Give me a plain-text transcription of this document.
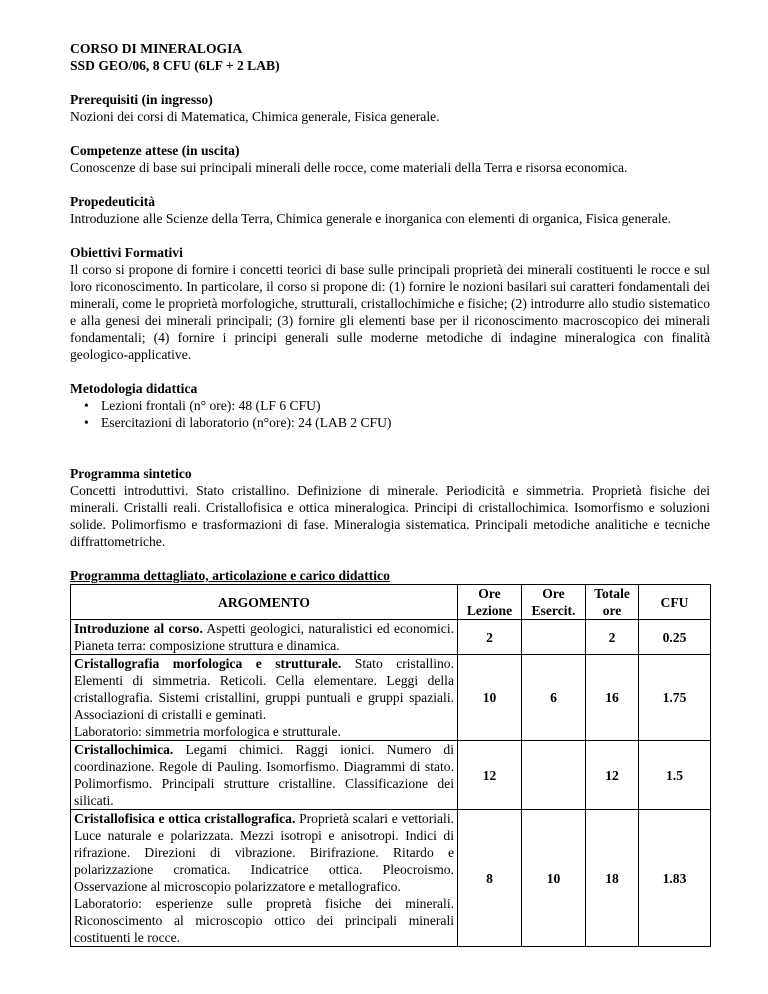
CORSO DI MINERALOGIA
SSD GEO/06, 8 CFU (6LF + 2 LAB)
Prerequisiti (in ingresso)
Nozioni dei corsi di Matematica, Chimica generale, Fisica generale.
Competenze attese (in uscita)
Conoscenze di base sui principali minerali delle rocce, come materiali della Terra e risorsa economica.
Propedeuticità
Introduzione alle Scienze della Terra, Chimica generale e inorganica con elementi di organica, Fisica generale.
Obiettivi Formativi
Il corso si propone di fornire i concetti teorici di base sulle principali proprietà dei minerali costituenti le rocce e sul loro riconoscimento. In particolare, il corso si propone di: (1) fornire le nozioni basilari sui caratteri fondamentali dei minerali, come le proprietà morfologiche, strutturali, cristallochimiche e fisiche; (2) introdurre allo studio sistematico e alla genesi dei minerali principali; (3) fornire gli elementi base per il riconoscimento macroscopico dei minerali fondamentali; (4) fornire i principi generali sulle moderne metodiche di indagine mineralogica con finalità geologico-applicative.
Metodologia didattica
• Lezioni frontali (n° ore): 48 (LF 6 CFU)
• Esercitazioni di laboratorio (n°ore): 24 (LAB 2 CFU)
Programma sintetico
Concetti introduttivi. Stato cristallino. Definizione di minerale. Periodicità e simmetria. Proprietà fisiche dei minerali. Cristalli reali. Cristallofisica e ottica mineralogica. Principi di cristallochimica. Isomorfismo e soluzioni solide. Polimorfismo e trasformazioni di fase. Mineralogia sistematica. Principali metodiche analitiche e tecniche diffrattometriche.
Programma dettagliato, articolazione e carico didattico
ARGOMENTO	Ore Lezione	Ore Esercit.	Totale ore	CFU
Introduzione al corso. Aspetti geologici, naturalistici ed economici. Pianeta terra: composizione struttura e dinamica.	2		2	0.25
Cristallografia morfologica e strutturale. Stato cristallino. Elementi di simmetria. Reticoli. Cella elementare. Leggi della cristallografia. Sistemi cristallini, gruppi puntuali e gruppi spaziali. Associazioni di cristalli e geminati.
Laboratorio: simmetria morfologica e strutturale.	10	6	16	1.75
Cristallochimica. Legami chimici. Raggi ionici. Numero di coordinazione. Regole di Pauling. Isomorfismo. Diagrammi di stato. Polimorfismo. Principali strutture cristalline. Classificazione dei silicati.	12		12	1.5
Cristallofisica e ottica cristallografica. Proprietà scalari e vettoriali. Luce naturale e polarizzata. Mezzi isotropi e anisotropi. Indici di rifrazione. Direzioni di vibrazione. Birifrazione. Ritardo e polarizzazione cromatica. Indicatrice ottica. Pleocroismo. Osservazione al microscopio polarizzatore e metallografico.
Laboratorio: esperienze sulle propretà fisiche dei minerali. Riconoscimento al microscopio ottico dei principali minerali costituenti le rocce.	8	10	18	1.83
